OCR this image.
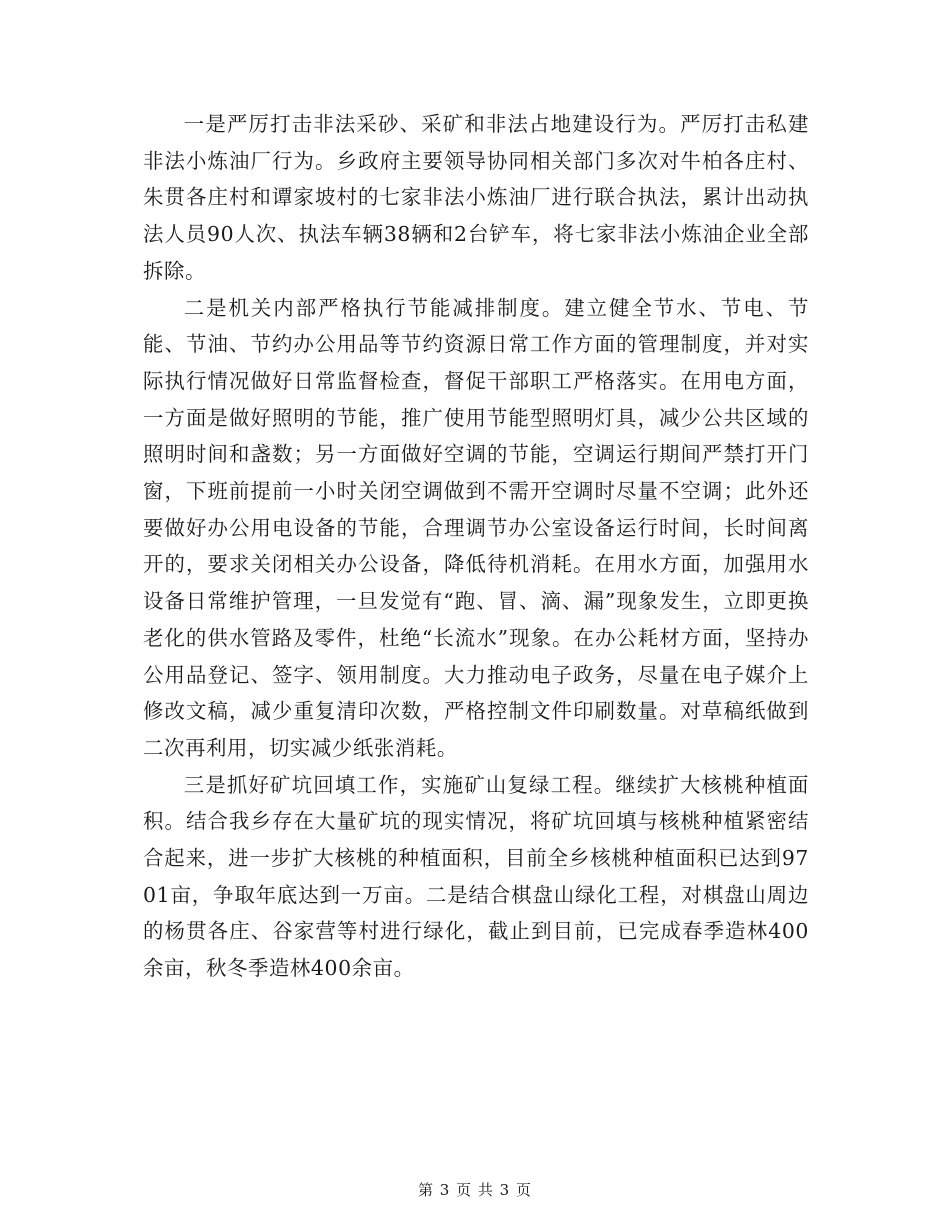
一是严厉打击非法采砂、采矿和非法占地建设行为。严厉打击私建非法小炼油厂行为。乡政府主要领导协同相关部门多次对牛柏各庄村、朱贯各庄村和谭家坡村的七家非法小炼油厂进行联合执法，累计出动执法人员90人次、执法车辆38辆和2台铲车，将七家非法小炼油企业全部拆除。

二是机关内部严格执行节能减排制度。建立健全节水、节电、节能、节油、节约办公用品等节约资源日常工作方面的管理制度，并对实际执行情况做好日常监督检查，督促干部职工严格落实。在用电方面，一方面是做好照明的节能，推广使用节能型照明灯具，减少公共区域的照明时间和盏数；另一方面做好空调的节能，空调运行期间严禁打开门窗，下班前提前一小时关闭空调做到不需开空调时尽量不空调；此外还要做好办公用电设备的节能，合理调节办公室设备运行时间，长时间离开的，要求关闭相关办公设备，降低待机消耗。在用水方面，加强用水设备日常维护管理，一旦发觉有“跑、冒、滴、漏”现象发生，立即更换老化的供水管路及零件，杜绝“长流水”现象。在办公耗材方面，坚持办公用品登记、签字、领用制度。大力推动电子政务，尽量在电子媒介上修改文稿，减少重复清印次数，严格控制文件印刷数量。对草稿纸做到二次再利用，切实减少纸张消耗。

三是抓好矿坑回填工作，实施矿山复绿工程。继续扩大核桃种植面积。结合我乡存在大量矿坑的现实情况，将矿坑回填与核桃种植紧密结合起来，进一步扩大核桃的种植面积，目前全乡核桃种植面积已达到9701亩，争取年底达到一万亩。二是结合棋盘山绿化工程，对棋盘山周边的杨贯各庄、谷家营等村进行绿化，截止到目前，已完成春季造林400余亩，秋冬季造林400余亩。

第 3 页 共 3 页
